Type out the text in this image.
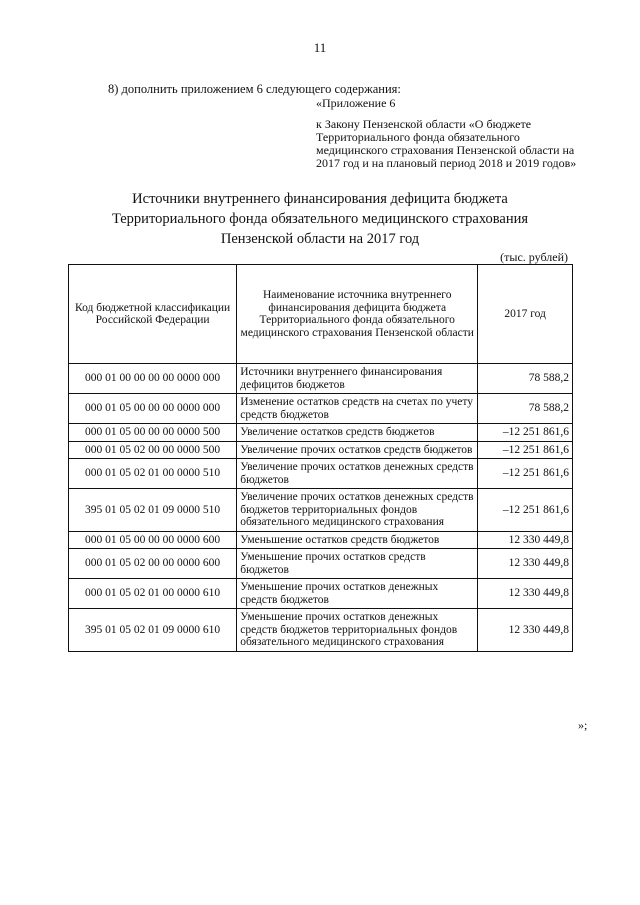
11
8) дополнить приложением 6 следующего содержания:
«Приложение 6
к Закону Пензенской области «О бюджете Территориального фонда обязательного медицинского страхования Пензенской области на 2017 год и на плановый период 2018 и 2019 годов»
Источники внутреннего финансирования дефицита бюджета
Территориального фонда обязательного медицинского страхования
Пензенской области на 2017 год
(тыс. рублей)
Код бюджетной классификации Российской Федерации	Наименование источника внутреннего финансирования дефицита бюджета Территориального фонда обязательного медицинского страхования Пензенской области	2017 год
000 01 00 00 00 00 0000 000	Источники внутреннего финансирования дефицитов бюджетов	78 588,2
000 01 05 00 00 00 0000 000	Изменение остатков средств на счетах по учету средств бюджетов	78 588,2
000 01 05 00 00 00 0000 500	Увеличение остатков средств бюджетов	–12 251 861,6
000 01 05 02 00 00 0000 500	Увеличение прочих остатков средств бюджетов	–12 251 861,6
000 01 05 02 01 00 0000 510	Увеличение прочих остатков денежных средств бюджетов	–12 251 861,6
395 01 05 02 01 09 0000 510	Увеличение прочих остатков денежных средств бюджетов территориальных фондов обязательного медицинского страхования	–12 251 861,6
000 01 05 00 00 00 0000 600	Уменьшение остатков средств бюджетов	12 330 449,8
000 01 05 02 00 00 0000 600	Уменьшение прочих остатков средств бюджетов	12 330 449,8
000 01 05 02 01 00 0000 610	Уменьшение прочих остатков денежных средств бюджетов	12 330 449,8
395 01 05 02 01 09 0000 610	Уменьшение прочих остатков денежных средств бюджетов территориальных фондов обязательного медицинского страхования	12 330 449,8
»;
